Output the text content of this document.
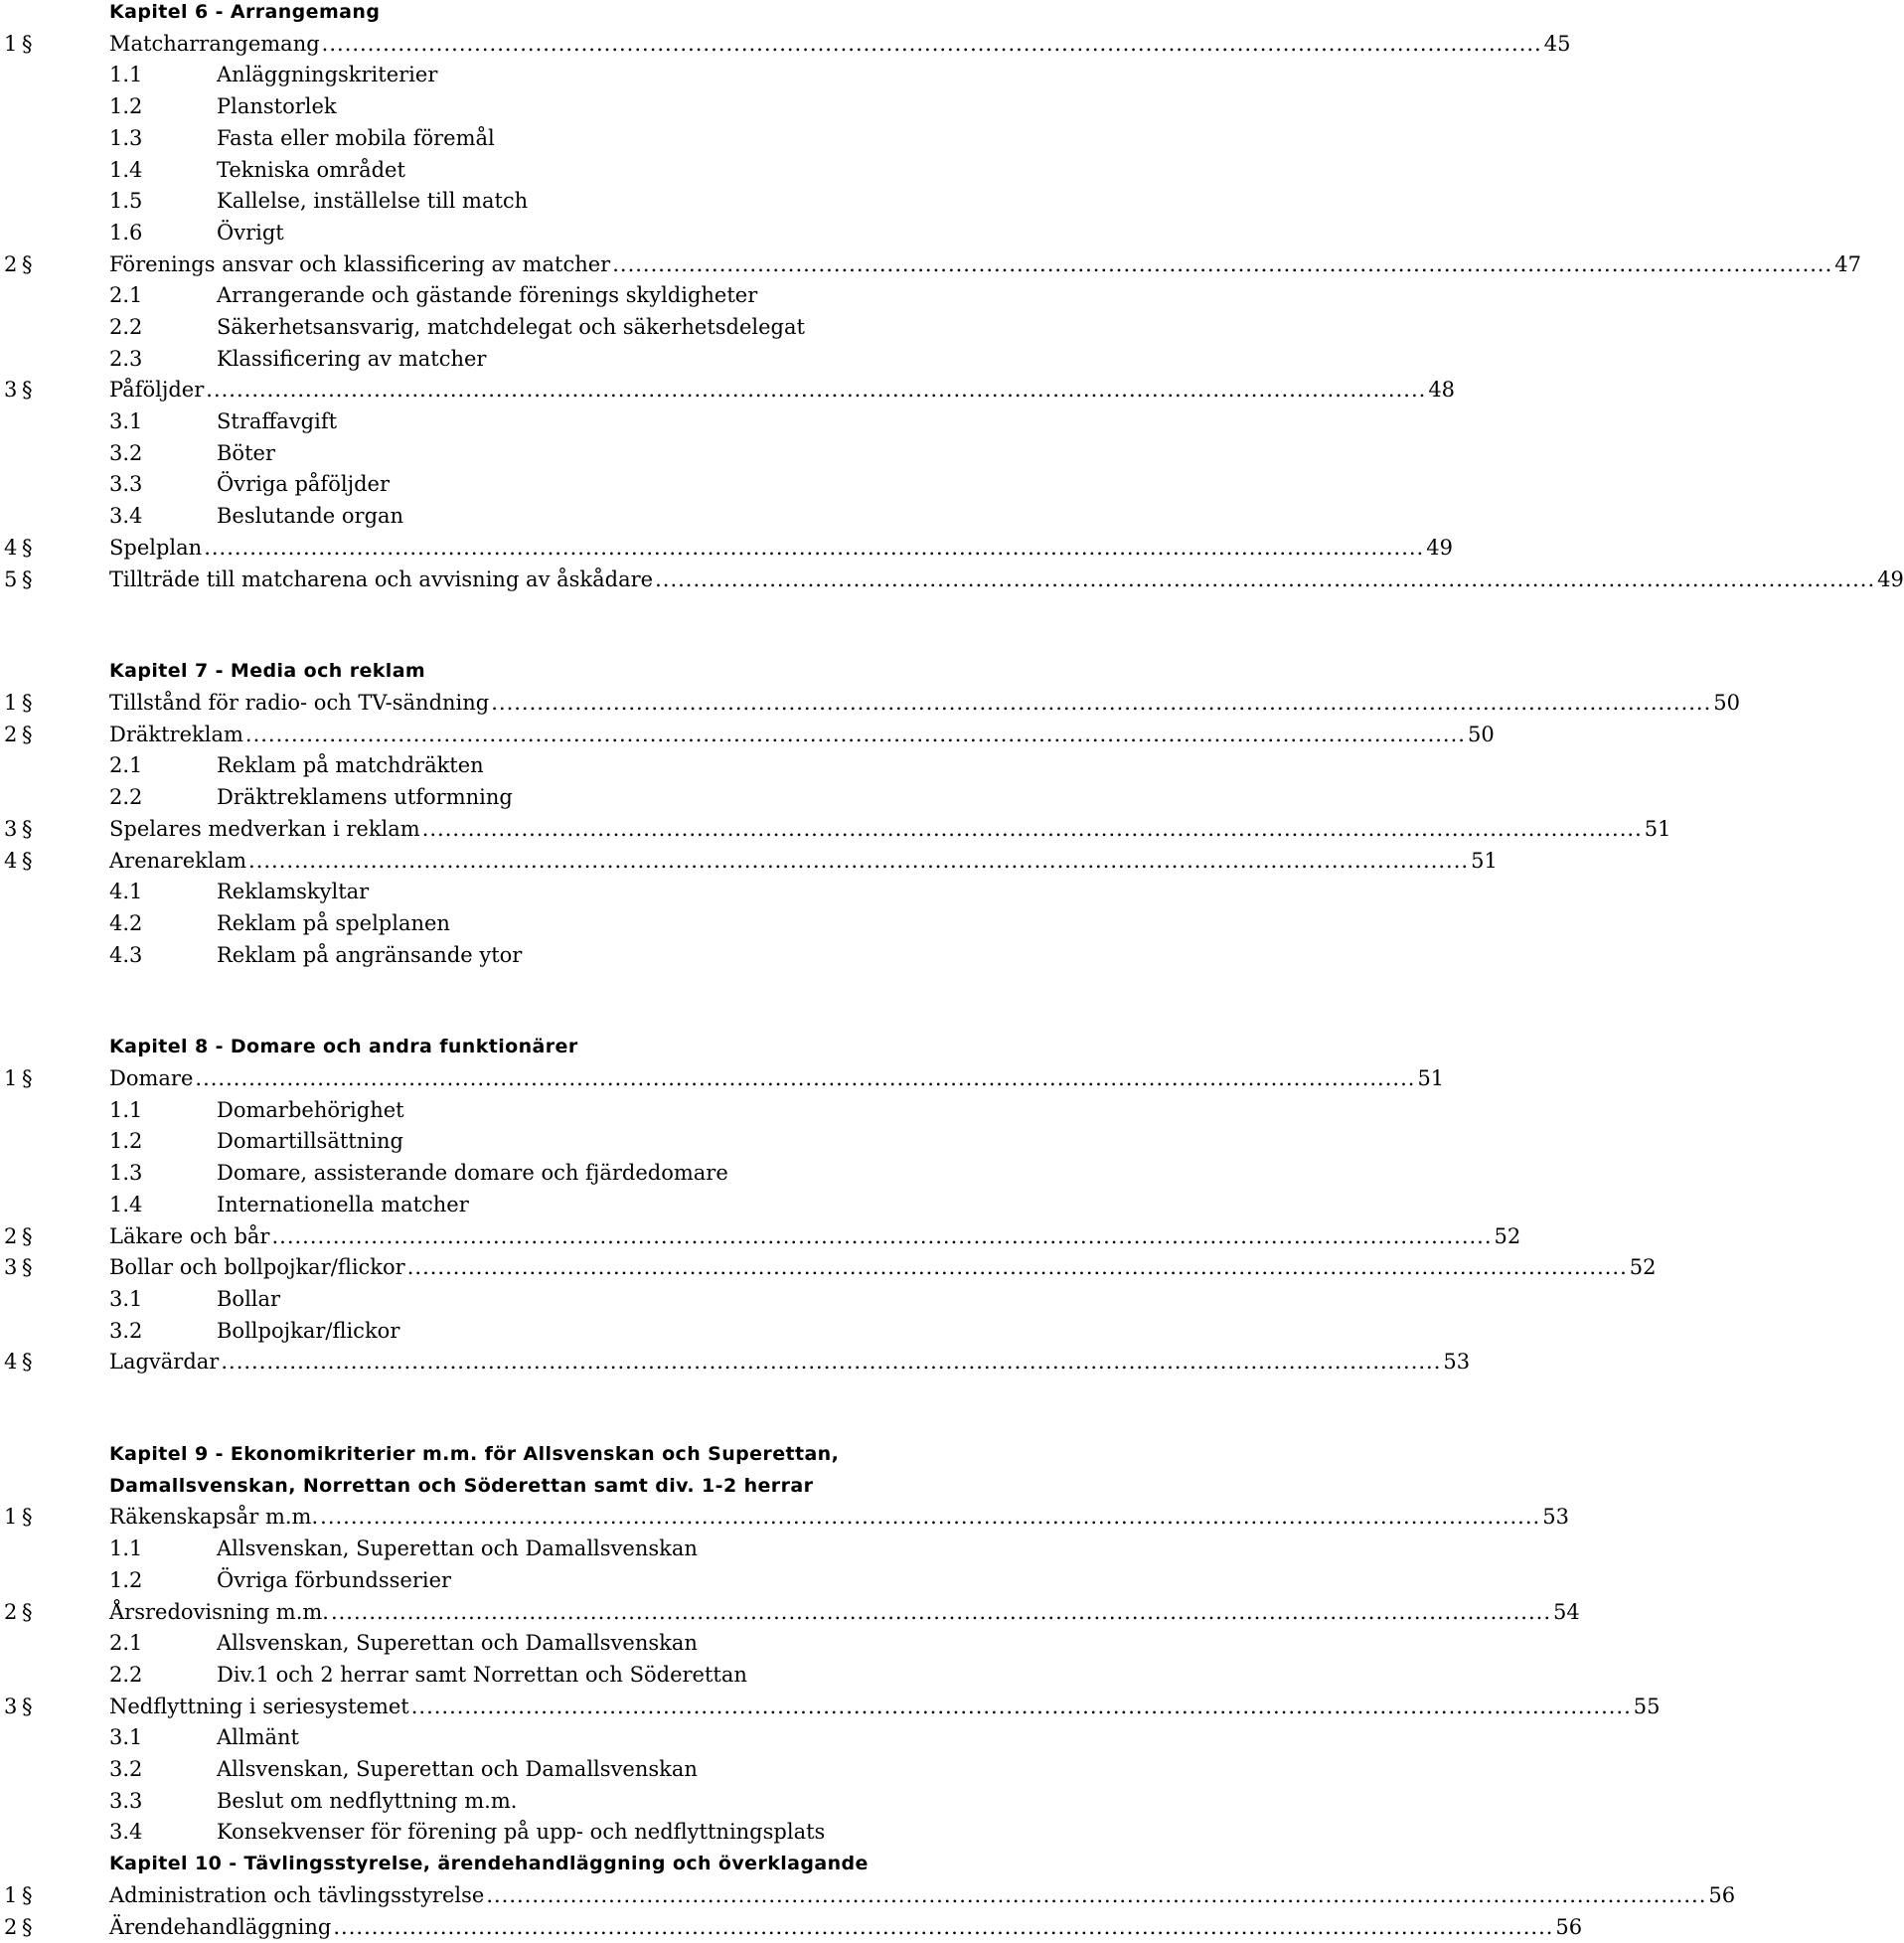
Kapitel 6 - Arrangemang
1 §	Matcharrangemang ................................................................................................................................................................ 45
1.1	Anläggningskriterier
1.2	Planstorlek
1.3	Fasta eller mobila föremål
1.4	Tekniska området
1.5	Kallelse, inställelse till match
1.6	Övrigt
2 §	Förenings ansvar och klassificering av matcher ................................................................................................................................................................ 47
2.1	Arrangerande och gästande förenings skyldigheter
2.2	Säkerhetsansvarig, matchdelegat och säkerhetsdelegat
2.3	Klassificering av matcher
3 §	Påföljder ................................................................................................................................................................ 48
3.1	Straffavgift
3.2	Böter
3.3	Övriga påföljder
3.4	Beslutande organ
4 §	Spelplan ................................................................................................................................................................ 49
5 §	Tillträde till matcharena och avvisning av åskådare ................................................................................................................................................................ 49
Kapitel 7 - Media och reklam
1 §	Tillstånd för radio- och TV-sändning ................................................................................................................................................................ 50
2 §	Dräktreklam ................................................................................................................................................................ 50
2.1	Reklam på matchdräkten
2.2	Dräktreklamens utformning
3 §	Spelares medverkan i reklam ................................................................................................................................................................ 51
4 §	Arenareklam ................................................................................................................................................................ 51
4.1	Reklamskyltar
4.2	Reklam på spelplanen
4.3	Reklam på angränsande ytor
Kapitel 8 - Domare och andra funktionärer
1 §	Domare ................................................................................................................................................................ 51
1.1	Domarbehörighet
1.2	Domartillsättning
1.3	Domare, assisterande domare och fjärdedomare
1.4	Internationella matcher
2 §	Läkare och bår ................................................................................................................................................................ 52
3 §	Bollar och bollpojkar/flickor ................................................................................................................................................................ 52
3.1	Bollar
3.2	Bollpojkar/flickor
4 §	Lagvärdar ................................................................................................................................................................ 53
Kapitel 9 - Ekonomikriterier m.m. för Allsvenskan och Superettan,
Damallsvenskan, Norrettan och Söderettan samt div. 1-2 herrar
1 §	Räkenskapsår m.m. ................................................................................................................................................................ 53
1.1	Allsvenskan, Superettan och Damallsvenskan
1.2	Övriga förbundsserier
2 §	Årsredovisning m.m. ................................................................................................................................................................ 54
2.1	Allsvenskan, Superettan och Damallsvenskan
2.2	Div.1 och 2 herrar samt Norrettan och Söderettan
3 §	Nedflyttning i seriesystemet ................................................................................................................................................................ 55
3.1	Allmänt
3.2	Allsvenskan, Superettan och Damallsvenskan
3.3	Beslut om nedflyttning m.m.
3.4	Konsekvenser för förening på upp- och nedflyttningsplats
Kapitel 10 - Tävlingsstyrelse, ärendehandläggning och överklagande
1 §	Administration och tävlingsstyrelse ................................................................................................................................................................ 56
2 §	Ärendehandläggning ................................................................................................................................................................ 56
